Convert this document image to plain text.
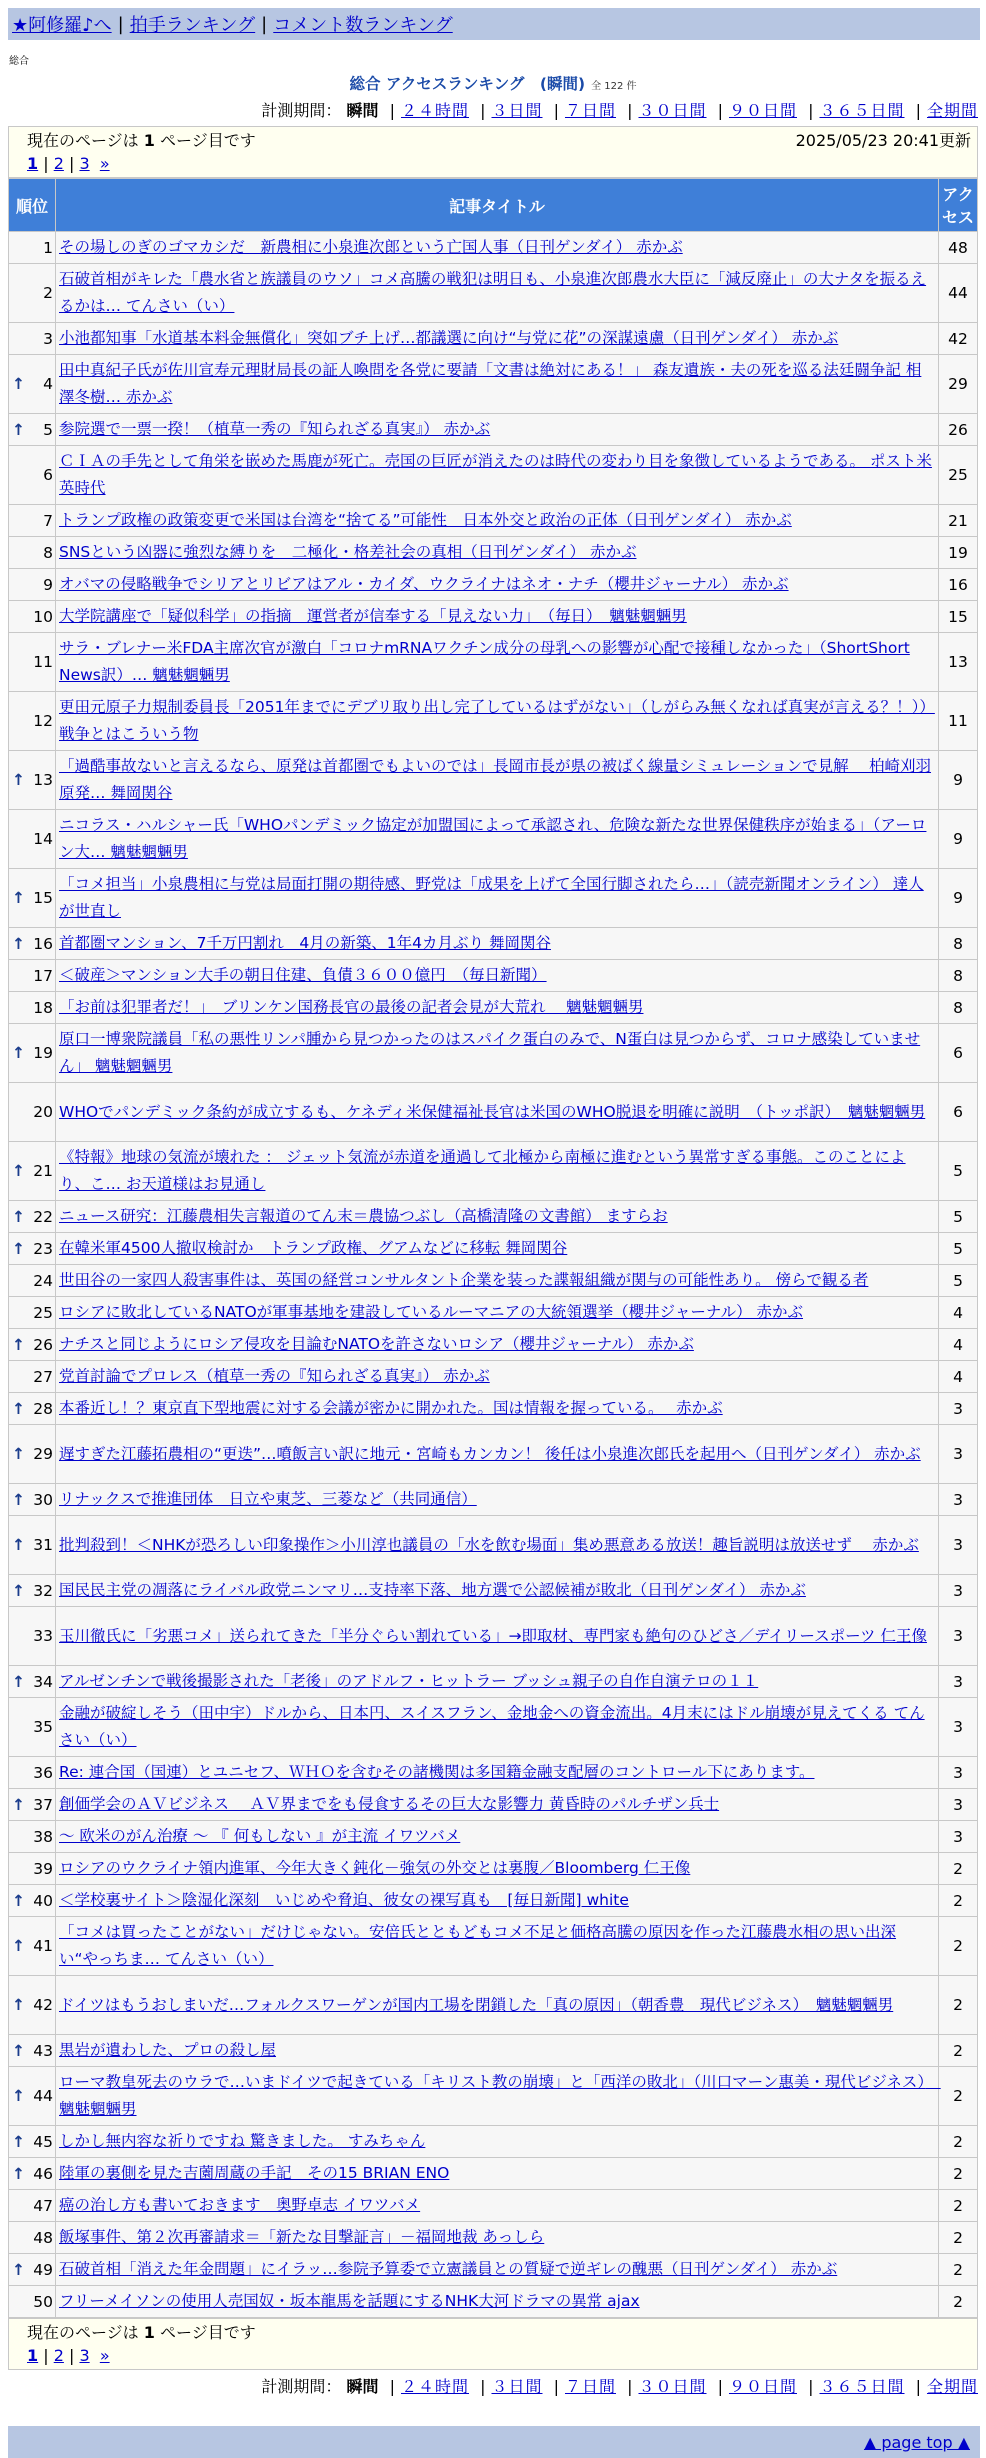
★阿修羅♪へ | 拍手ランキング | コメント数ランキング
総合
総合 アクセスランキング　(瞬間) 全 122 件
計測期間： 瞬間 | ２４時間 | ３日間 | ７日間 | ３０日間 | ９０日間 | ３６５日間 | 全期間
現在のページは 1 ページ目です	2025/05/23 20:41更新
1 | 2 | 3 »
順位	記事タイトル	アクセス
1	その場しのぎのゴマカシだ　新農相に小泉進次郎という亡国人事（日刊ゲンダイ） 赤かぶ	48
2	石破首相がキレた「農水省と族議員のウソ」コメ高騰の戦犯は明日も、小泉進次郎農水大臣に「減反廃止」の大ナタを振るえるかは… てんさい（い）	44
3	小池都知事「水道基本料金無償化」突如ブチ上げ…都議選に向け“与党に花”の深謀遠慮（日刊ゲンダイ） 赤かぶ	42

↑ 4	田中真紀子氏が佐川宣寿元理財局長の証人喚問を各党に要請「文書は絶対にある！」 森友遺族・夫の死を巡る法廷闘争記 相澤冬樹… 赤かぶ	29

↑ 5	参院選で一票一揆！（植草一秀の『知られざる真実』） 赤かぶ	26
6	ＣＩＡの手先として角栄を嵌めた馬鹿が死亡。売国の巨匠が消えたのは時代の変わり目を象徴しているようである。 ポスト米英時代	25
7	トランプ政権の政策変更で米国は台湾を“捨てる”可能性　日本外交と政治の正体（日刊ゲンダイ） 赤かぶ	21
8	SNSという凶器に強烈な縛りを　二極化・格差社会の真相（日刊ゲンダイ） 赤かぶ	19
9	オバマの侵略戦争でシリアとリビアはアル・カイダ、ウクライナはネオ・ナチ（櫻井ジャーナル） 赤かぶ	16
10	大学院講座で「疑似科学」の指摘　運営者が信奉する「見えない力」　（毎日）　魑魅魍魎男	15
11	サラ・ブレナー米FDA主席次官が激白「コロナmRNAワクチン成分の母乳への影響が心配で接種しなかった」（ShortShort News訳）… 魑魅魍魎男	13
12	更田元原子力規制委員長「2051年までにデブリ取り出し完了しているはずがない」（しがらみ無くなれば真実が言える？！））戦争とはこういう物	11

↑ 13	「過酷事故ないと言えるなら、原発は首都圏でもよいのでは」長岡市長が県の被ばく線量シミュレーションで見解　 柏崎刈羽原発… 舞岡関谷	9
14	ニコラス・ハルシャー氏「WHOパンデミック協定が加盟国によって承認され、危険な新たな世界保健秩序が始まる」（アーロン大… 魑魅魍魎男	9

↑ 15	「コメ担当」小泉農相に与党は局面打開の期待感、野党は「成果を上げて全国行脚されたら…」（読売新聞オンライン） 達人が世直し	9

↑ 16	首都圏マンション、7千万円割れ　4月の新築、1年4カ月ぶり 舞岡関谷	8
17	＜破産＞マンション大手の朝日住建、負債３６００億円　（毎日新聞）	8
18	「お前は犯罪者だ！」　ブリンケン国務長官の最後の記者会見が大荒れ　 魑魅魍魎男	8

↑ 19	原口一博衆院議員「私の悪性リンパ腫から見つかったのはスパイク蛋白のみで、N蛋白は見つからず、コロナ感染していません」 魑魅魍魎男	6
20	WHOでパンデミック条約が成立するも、ケネディ米保健福祉長官は米国のWHO脱退を明確に説明　（トッポ訳）　魑魅魍魎男	6

↑ 21	《特報》地球の気流が壊れた ： ジェット気流が赤道を通過して北極から南極に進むという異常すぎる事態。このことにより、こ… お天道様はお見通し	5

↑ 22	ニュース研究：江藤農相失言報道のてん末＝農協つぶし（高橋清隆の文書館） ますらお	5

↑ 23	在韓米軍4500人撤収検討か　トランプ政権、グアムなどに移転 舞岡関谷	5
24	世田谷の一家四人殺害事件は、英国の経営コンサルタント企業を装った諜報組織が関与の可能性あり。 傍らで観る者	5
25	ロシアに敗北しているNATOが軍事基地を建設しているルーマニアの大統領選挙（櫻井ジャーナル） 赤かぶ	4

↑ 26	ナチスと同じようにロシア侵攻を目論むNATOを許さないロシア（櫻井ジャーナル） 赤かぶ	4
27	党首討論でプロレス（植草一秀の『知られざる真実』） 赤かぶ	4

↑ 28	本番近し！？東京直下型地震に対する会議が密かに開かれた。国は情報を握っている。　 赤かぶ	3

↑ 29	遅すぎた江藤拓農相の“更迭”…噴飯言い訳に地元・宮崎もカンカン！ 後任は小泉進次郎氏を起用へ（日刊ゲンダイ） 赤かぶ	3

↑ 30	リナックスで推進団体　日立や東芝、三菱など（共同通信）	3

↑ 31	批判殺到！＜NHKが恐ろしい印象操作＞小川淳也議員の「水を飲む場面」集め悪意ある放送！趣旨説明は放送せず　 赤かぶ	3

↑ 32	国民民主党の凋落にライバル政党ニンマリ…支持率下落、地方選で公認候補が敗北（日刊ゲンダイ） 赤かぶ	3
33	玉川徹氏に「劣悪コメ」送られてきた「半分ぐらい割れている」→即取材、専門家も絶句のひどさ／デイリースポーツ 仁王像	3

↑ 34	アルゼンチンで戦後撮影された「老後」のアドルフ・ヒットラー ブッシュ親子の自作自演テロの１１	3
35	金融が破綻しそう（田中宇）ドルから、日本円、スイスフラン、金地金への資金流出。4月末にはドル崩壊が見えてくる てんさい（い）	3
36	Re: 連合国（国連）とユニセフ、ＷＨＯを含むその諸機関は多国籍金融支配層のコントロール下にあります。	3

↑ 37	創価学会のＡＶビジネス　 ＡＶ界までをも侵食するその巨大な影響力 黄昏時のパルチザン兵士	3
38	～ 欧米のがん治療 ～ 『 何もしない 』が主流 イワツバメ	3
39	ロシアのウクライナ領内進軍、今年大きく鈍化－強気の外交とは裏腹／Bloomberg 仁王像	2

↑ 40	＜学校裏サイト＞陰湿化深刻　いじめや脅迫、彼女の裸写真も　[毎日新聞] white	2

↑ 41	「コメは買ったことがない」だけじゃない。安倍氏とともどもコメ不足と価格高騰の原因を作った江藤農水相の思い出深い“やっちま… てんさい（い）	2

↑ 42	ドイツはもうおしまいだ…フォルクスワーゲンが国内工場を閉鎖した「真の原因」（朝香豊　現代ビジネス）　魑魅魍魎男	2

↑ 43	黒岩が遺わした、プロの殺し屋	2

↑ 44	ローマ教皇死去のウラで…いまドイツで起きている「キリスト教の崩壊」と「西洋の敗北」（川口マーン惠美・現代ビジネス）　魑魅魍魎男	2

↑ 45	しかし無内容な祈りですね 驚きました。 すみちゃん	2

↑ 46	陸軍の裏側を見た吉薗周蔵の手記　その15 BRIAN ENO	2
47	癌の治し方も書いておきます　奥野卓志 イワツバメ	2
48	飯塚事件、第２次再審請求＝「新たな目撃証言」－福岡地裁 あっしら	2

↑ 49	石破首相「消えた年金問題」にイラッ…参院予算委で立憲議員との質疑で逆ギレの醜悪（日刊ゲンダイ） 赤かぶ	2
50	フリーメイソンの使用人売国奴・坂本龍馬を話題にするNHK大河ドラマの異常 ajax	2
現在のページは 1 ページ目です
1 | 2 | 3 »
計測期間： 瞬間 | ２４時間 | ３日間 | ７日間 | ３０日間 | ９０日間 | ３６５日間 | 全期間
▲ page top ▲
